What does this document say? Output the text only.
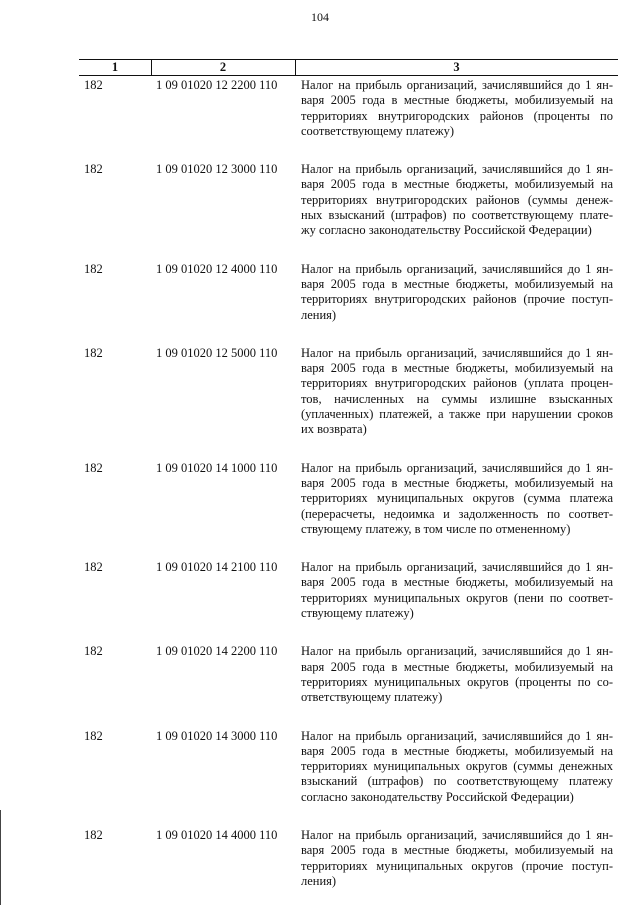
104
1	2	3
182	1 09 01020 12 2200 110	Налог на прибыль организаций, зачислявшийся до 1 ян-
варя 2005 года в местные бюджеты, мобилизуемый на
территориях внутригородских районов (проценты по
соответствующему платежу)
182	1 09 01020 12 3000 110	Налог на прибыль организаций, зачислявшийся до 1 ян-
варя 2005 года в местные бюджеты, мобилизуемый на
территориях внутригородских районов (суммы денеж-
ных взысканий (штрафов) по соответствующему плате-
жу согласно законодательству Российской Федерации)
182	1 09 01020 12 4000 110	Налог на прибыль организаций, зачислявшийся до 1 ян-
варя 2005 года в местные бюджеты, мобилизуемый на
территориях внутригородских районов (прочие поступ-
ления)
182	1 09 01020 12 5000 110	Налог на прибыль организаций, зачислявшийся до 1 ян-
варя 2005 года в местные бюджеты, мобилизуемый на
территориях внутригородских районов (уплата процен-
тов, начисленных на суммы излишне взысканных
(уплаченных) платежей, а также при нарушении сроков
их возврата)
182	1 09 01020 14 1000 110	Налог на прибыль организаций, зачислявшийся до 1 ян-
варя 2005 года в местные бюджеты, мобилизуемый на
территориях муниципальных округов (сумма платежа
(перерасчеты, недоимка и задолженность по соответ-
ствующему платежу, в том числе по отмененному)
182	1 09 01020 14 2100 110	Налог на прибыль организаций, зачислявшийся до 1 ян-
варя 2005 года в местные бюджеты, мобилизуемый на
территориях муниципальных округов (пени по соответ-
ствующему платежу)
182	1 09 01020 14 2200 110	Налог на прибыль организаций, зачислявшийся до 1 ян-
варя 2005 года в местные бюджеты, мобилизуемый на
территориях муниципальных округов (проценты по со-
ответствующему платежу)
182	1 09 01020 14 3000 110	Налог на прибыль организаций, зачислявшийся до 1 ян-
варя 2005 года в местные бюджеты, мобилизуемый на
территориях муниципальных округов (суммы денежных
взысканий (штрафов) по соответствующему платежу
согласно законодательству Российской Федерации)
182	1 09 01020 14 4000 110	Налог на прибыль организаций, зачислявшийся до 1 ян-
варя 2005 года в местные бюджеты, мобилизуемый на
территориях муниципальных округов (прочие поступ-
ления)
